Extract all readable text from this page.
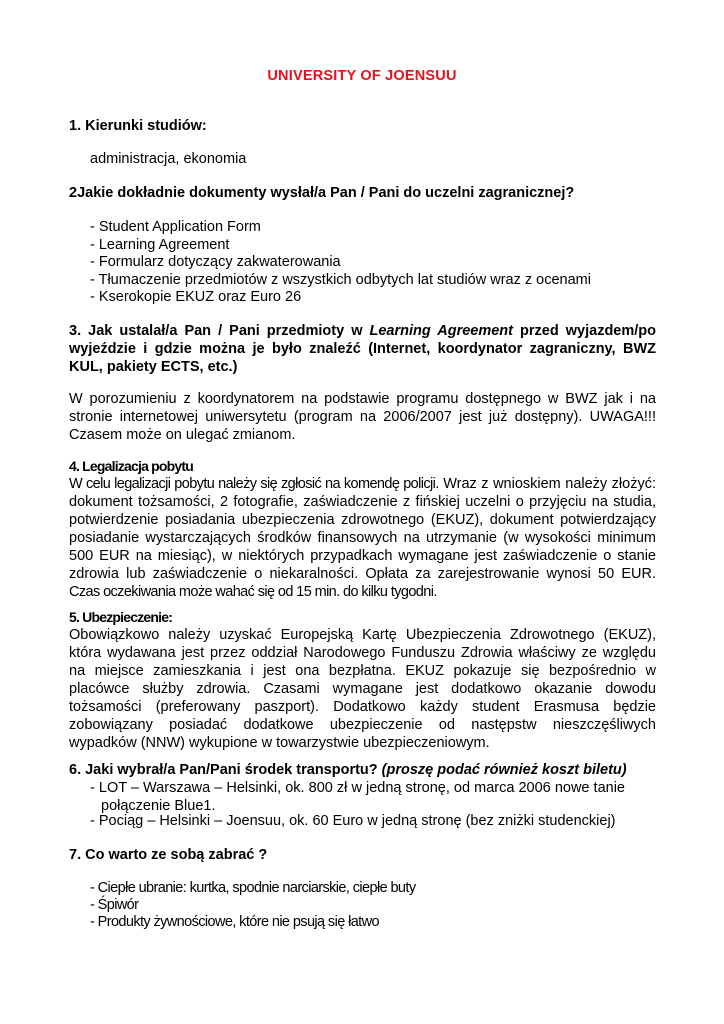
UNIVERSITY OF JOENSUU
1. Kierunki studiów:
administracja, ekonomia
2Jakie dokładnie dokumenty wysłał/a Pan / Pani do uczelni zagranicznej?
- Student Application Form
- Learning Agreement
- Formularz dotyczący zakwaterowania
- Tłumaczenie przedmiotów z wszystkich odbytych lat studiów wraz z ocenami
- Kserokopie EKUZ oraz Euro 26
3. Jak ustalał/a Pan / Pani przedmioty w Learning Agreement przed wyjazdem/po
wyjeździe i gdzie można je było znaleźć (Internet, koordynator zagraniczny, BWZ
KUL, pakiety ECTS, etc.)
W porozumieniu z koordynatorem na podstawie programu dostępnego w BWZ jak i na
stronie internetowej uniwersytetu (program na 2006/2007 jest już dostępny). UWAGA!!!
Czasem może on ulegać zmianom.
4. Legalizacja pobytu
W celu legalizacji pobytu należy się zgłosić na komendę policji. Wraz z wnioskiem należy złożyć:
dokument tożsamości, 2 fotografie, zaświadczenie z fińskiej uczelni o przyjęciu na studia,
potwierdzenie posiadania ubezpieczenia zdrowotnego (EKUZ), dokument potwierdzający
posiadanie wystarczających środków finansowych na utrzymanie (w wysokości minimum
500 EUR na miesiąc), w niektórych przypadkach wymagane jest zaświadczenie o stanie
zdrowia lub zaświadczenie o niekaralności. Opłata za zarejestrowanie wynosi 50 EUR.
Czas oczekiwania może wahać się od 15 min. do kilku tygodni.
5. Ubezpieczenie:
Obowiązkowo należy uzyskać Europejską Kartę Ubezpieczenia Zdrowotnego (EKUZ),
która wydawana jest przez oddział Narodowego Funduszu Zdrowia właściwy ze względu
na miejsce zamieszkania i jest ona bezpłatna. EKUZ pokazuje się bezpośrednio w
placówce służby zdrowia. Czasami wymagane jest dodatkowo okazanie dowodu
tożsamości (preferowany paszport). Dodatkowo każdy student Erasmusa będzie
zobowiązany posiadać dodatkowe ubezpieczenie od następstw nieszczęśliwych
wypadków (NNW) wykupione w towarzystwie ubezpieczeniowym.
6. Jaki wybrał/a Pan/Pani środek transportu? (proszę podać również koszt biletu)
- LOT – Warszawa – Helsinki, ok. 800 zł w jedną stronę, od marca 2006 nowe tanie
połączenie Blue1.
- Pociąg – Helsinki – Joensuu, ok. 60 Euro w jedną stronę (bez zniżki studenckiej)
7. Co warto ze sobą zabrać ?
- Ciepłe ubranie: kurtka, spodnie narciarskie, ciepłe buty
- Śpiwór
- Produkty żywnościowe, które nie psują się łatwo
